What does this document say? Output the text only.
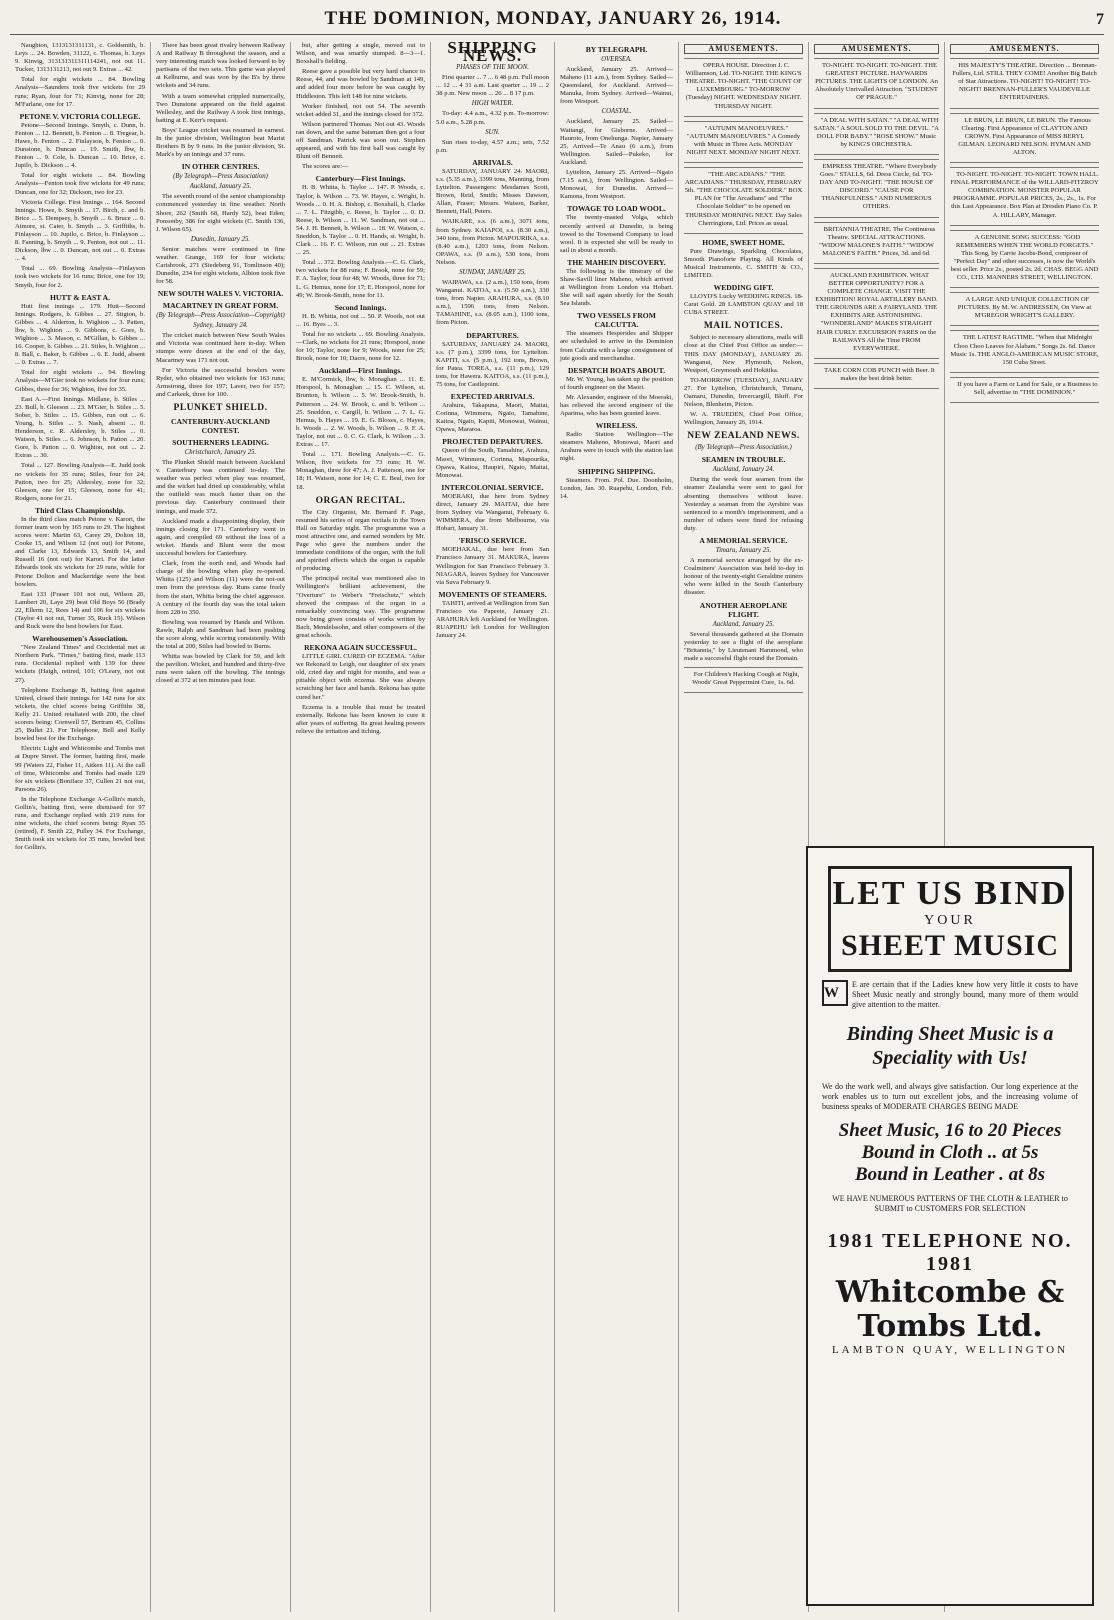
THE DOMINION, MONDAY, JANUARY 26, 1914.	7

Naughton, 1313131311131, c. Goldsmith, b. Leys ... 24. Bowden, 31122, c. Thomas, b. Leys 9. Kinvig, 313131311311114241, not out 11. Tucker, 1313131213, not out 9. Extras ... 42.

Total for eight wickets ... 84. Bowling Analysis—Saunders took five wickets for 29 runs; Ryan, four for 71; Kinvig, none for 28; M'Farlane, one for 17.

PETONE V. VICTORIA COLLEGE.

Petone—Second Innings. Smyth, c. Dunn, b. Fenton ... 12. Bennett, b. Fenton ... 8. Tregear, b. Hawe, b. Fenton ... 2. Finlayson, b. Fenton ... 0. Dunstone, b. Duncan ... 19. Smith, lbw, b. Fenton ... 9. Cole, b. Duncan ... 10. Brice, c. Jupilo, b. Dickson ... 4.

Total for eight wickets ... 84. Bowling Analysis—Fenton took five wickets for 49 runs; Duncan, one for 32; Dickson, two for 23.

Victoria College. First Innings ... 164. Second Innings. Howe, b. Smyth ... 17. Birch, c. and b. Brice ... 5. Dempsey, b. Smyth ... 6. Bruce ... 0. Atmore, st. Cater, b. Smyth ... 3. Griffiths, b. Finlayson ... 10. Jupilo, c. Brice, b. Finlayson ... 8. Fanning, b. Smyth ... 9. Fenton, not out ... 11. Dickson, lbw ... 0. Duncan, not out ... 0. Extras ... 4.

Total ... 69. Bowling Analysis—Finlayson took two wickets for 16 runs; Brice, one for 19; Smyth, four for 2.

HUTT & EAST A.

Hutt first innings ... 179. Hutt—Second Innings. Rodgers, b. Gibbes ... 27. Stigton, b. Gibbes ... 4. Alderton, b. Wighton ... 3. Patten, lbw, b. Wighton ... 9. Gibbons, c. Gore, b. Wighton ... 3. Mason, c. M'Gillan, b. Gibbes ... 16. Cooper, b. Gibbes ... 21. Stiles, b. Wighton ... 8. Ball, c. Baker, b. Gibbes ... 6. E. Judd, absent ... 0. Extras ... 7.

Total for eight wickets ... 94. Bowling Analysis—M'Gier took no wickets for four runs; Gibbes, three for 36; Wighton, five for 35.

East A.—First Innings. Midlane, b. Stiles ... 23. Bull, b. Gleeson ... 23. M'Gier, b. Stiles ... 5. Sober, b. Stiles ... 15. Gibbes, run out ... 6. Young, b. Stiles ... 5. Nash, absent ... 0. Henderson, c. R. Aldersley, b. Stiles ... 0. Watson, b. Stiles ... 6. Johnson, b. Patton ... 20. Gore, b. Patton ... 0. Wighton, not out ... 2. Extras ... 30.

Total ... 127. Bowling Analysis—E. Judd took no wickets for 35 runs; Stiles, four for 24; Patton, two for 25; Aldersley, none for 32; Gleeson, one for 15; Gleeson, none for 41; Rodgers, none for 21.

Third Class Championship.

In the third class match Petone v. Karori, the former team won by 165 runs to 29. The highest scores were: Martin 63, Carey 29, Dolton 18, Cooke 15, and Wilson 12 (not out) for Petone, and Clarke 13, Edwards 13, Smith 14, and Russell 16 (not out) for Karori. For the latter Edwards took six wickets for 29 runs, while for Petone Dolton and Mackeridge were the best bowlers.

East 133 (Fraser 101 not out, Wilson 20, Lambert 20, Laye 29) beat Old Boys 56 (Brady 22, Ellerm 12, Rees 14) and 106 for six wickets (Taylor 41 not out, Turner 35, Ruck 15). Wilson and Ruck were the best bowlers for East.

Warehousemen's Association.

"New Zealand Times" and Occidental met at Northern Park. "Times," batting first, made 113 runs. Occidental replied with 139 for three wickets (Haigh, retired, 101; O'Leary, not out 27).

Telephone Exchange B, batting first against United, closed their innings for 142 runs for six wickets, the chief scores being Griffiths 38, Kelly 21. United retaliated with 200, the chief scorers being: Cornwell 57, Bertram 45, Collins 25, Bullet 21. For Telephone, Bell and Kelly bowled best for the Exchange.

Electric Light and Whitcombe and Tombs met at Dupre Street. The former, batting first, made 99 (Waters 22, Fisher 11, Aitken 11). At the call of time, Whitcombe and Tombs had made 129 for six wickets (Boniface 37, Cullen 21 not out, Parsons 26).

In the Telephone Exchange A-Gollin's match, Gollin's, batting first, were dismissed for 97 runs, and Exchange replied with 219 runs for nine wickets, the chief scorers being: Ryan 35 (retired), F. Smith 22, Pulley 34. For Exchange, Smith took six wickets for 35 runs, bowled best for Gollin's.

There has been great rivalry between Railway A and Railway B throughout the season, and a very interesting match was looked forward to by partisans of the two sets. This game was played at Kelburne, and was won by the B's by three wickets and 34 runs.

With a team somewhat crippled numerically, Two Dunstone appeared on the field against Wellesley, and the Railway A took first innings, batting at E. Kerr's request.

Boys' League cricket was resumed in earnest. In the junior division, Wellington beat Marist Brothers B by 9 runs. In the junior division, St. Mark's by an innings and 37 runs.

IN OTHER CENTRES.
(By Telegraph—Press Association)
Auckland, January 25.

The seventh round of the senior championship commenced yesterday in fine weather. North Shore, 262 (Smith 68, Hardy 52), beat Eden; Ponsonby, 386 for eight wickets (C. Smith 136, J. Wilson 65).

Dunedin, January 25.

Senior matches were continued in fine weather. Grange, 169 for four wickets; Carisbrook, 271 (Siedeberg 91, Tomlinson 40); Dunedin, 234 for eight wickets, Albion took five for 58.

NEW SOUTH WALES V. VICTORIA.
MACARTNEY IN GREAT FORM.
(By Telegraph—Press Association—Copyright)
Sydney, January 24.

The cricket match between New South Wales and Victoria was continued here to-day. When stumps were drawn at the end of the day, Macartney was 171 not out.

For Victoria the successful bowlers were Ryder, who obtained two wickets for 163 runs; Armstrong, three for 197; Laver, two for 157; and Carkeek, three for 100.

PLUNKET SHIELD.
CANTERBURY-AUCKLAND CONTEST.
SOUTHERNERS LEADING.
Christchurch, January 25.

The Plunket Shield match between Auckland v. Canterbury was continued to-day. The weather was perfect when play was resumed, and the wicket had dried up considerably, whilst the outfield was much faster than on the previous day. Canterbury continued their innings, and made 372.

Auckland made a disappointing display, their innings closing for 171. Canterbury went in again, and compiled 69 without the loss of a wicket. Hands and Blunt were the most successful bowlers for Canterbury.

Clark, from the north end, and Woods had charge of the bowling when play re-opened. Whitta (125) and Wilson (11) were the not-out men from the previous day. Runs came freely from the start, Whitta being the chief aggressor. A century of the fourth day was the total taken from 228 to 350.

Bowling was resumed by Hands and Wilson. Rawle, Ralph and Sandman had been pushing the score along, while scoring consistently. With the total at 200, Stiles had bowled to Burns.

Whitta was bowled by Clark for 59, and left the pavilion. Wicket, and hundred and thirty-five runs were taken off the bowling. The innings closed at 372 at ten minutes past four.

but, after getting a single, moved out to Wilson, and was smartly stumped. 8—3—1. Boxshall's fielding.

Reese gave a possible but very hard chance to Reese, 44, and was bowled by Sandman at 149, and added four more before he was caught by Hiddleston. This left 148 for nine wickets.

Worker finished, not out 54. The seventh wicket added 31, and the innings closed for 372.

Wilson partnered Thomas. Not out 43. Woods ran down, and the same batsman then got a four off Sandman. Patrick was soon out. Stephen appeared, and with his first ball was caught by Blunt off Bennett.

The scores are:—

Canterbury—First Innings.

H. B. Whitta, b. Taylor ... 147. P. Woods, c. Taylor, b. Wilson ... 73. W. Hayes, c. Wright, b. Woods ... 0. H. A. Bishop, c. Boxshall, b. Clarke ... 7. L. Fitzgibb, c. Reese, b. Taylor ... 0. D. Reese, b. Wilson ... 11. W. Sandman, not out ... 54. J. H. Bennett, b. Wilson ... 18. W. Watson, c. Sneddon, b. Taylor ... 0. H. Hands, st. Wright, b. Clark ... 16. F. C. Wilson, run out ... 21. Extras ... 25.

Total ... 372. Bowling Analysis.—C. G. Clark, two wickets for 88 runs; F. Brook, none for 59; F. A. Taylor, four for 48; W. Woods, three for 71; L. G. Hemus, none for 17; E. Horspool, none for 49; W. Brook-Smith, none for 11.

Second Innings.

H. B. Whitta, not out ... 50. P. Woods, not out ... 16. Byes ... 3.

Total for no wickets ... 69. Bowling Analysis.—Clark, no wickets for 21 runs; Horspool, none for 10; Taylor, none for 9; Woods, none for 25; Brook, none for 10; Dacre, none for 12.

Auckland—First Innings.

E. M'Cormick, lbw, b. Monaghan ... 11. E. Horspool, b. Monaghan ... 15. C. Wilson, st. Brunton, b. Wilson ... 5. W. Brook-Smith, b. Patterson ... 24. W. Brook, c. and b. Wilson ... 25. Sneddon, c. Cargill, b. Wilson ... 7. L. G. Hemus, b. Hayes ... 19. E. G. Bloxes, c. Hayes, b. Woods ... 2. W. Woods, b. Wilson ... 9. F. A. Taylor, not out ... 0. C. G. Clark, b. Wilson ... 3. Extras ... 17.

Total ... 171. Bowling Analysis.—C. G. Wilson, five wickets for 73 runs; H. W. Monaghan, three for 47; A. J. Patterson, one for 18; H. Watson, none for 14; C. E. Beal, two for 18.

ORGAN RECITAL.

The City Organist, Mr. Bernard F. Page, resumed his series of organ recitals in the Town Hall on Saturday night. The programme was a most attractive one, and earned wonders by Mr. Page who gave the numbers under the immediate conditions of the organ, with the full and spirited effects which the organ is capable of producing.

The principal recital was mentioned also in Wellington's brilliant achievement, the "Overture" to Weber's "Freischutz," which showed the compass of the organ in a remarkably convincing way. The programme now being given consists of works written by Bach, Mendelssohn, and other composers of the great schools.

REKONA AGAIN SUCCESSFUL.

LITTLE GIRL CURED OF ECZEMA. "After we Rekona'd to Leigh, our daughter of six years old, cried day and night for months, and was a pitiable object with eczema. She was always scratching her face and hands. Rekona has quite cured her."

Eczema is a trouble that must be treated externally. Rekona has been known to cure it after years of suffering. Its great healing powers relieve the irritation and itching.

SHIPPING NEWS.
PHASES OF THE MOON.

First quarter ... 7 ... 6 48 p.m. Full moon ... 12 ... 4 31 a.m. Last quarter ... 19 ... 2 38 p.m. New moon ... 26 ... 8 17 p.m.

HIGH WATER.

To-day: 4.4 a.m., 4.32 p.m. To-morrow: 5.0 a.m., 5.28 p.m.

SUN.

Sun rises to-day, 4.57 a.m.; sets, 7.52 p.m.

ARRIVALS.

SATURDAY, JANUARY 24. MAORI, s.s. (5.35 a.m.), 3399 tons, Manning, from Lyttelton. Passengers: Mesdames Scott, Brown, Reid, Smith; Misses Dawson, Allan, Fraser; Messrs. Watson, Barker, Bennett, Hall, Peters.

WAIKARE, s.s. (6 a.m.), 3071 tons, from Sydney. KAIAPOI, s.s. (8.30 a.m.), 340 tons, from Picton. MAPOURIKA, s.s. (8.40 a.m.), 1203 tons, from Nelson. OPAWA, s.s. (9 a.m.), 530 tons, from Nelson.

SUNDAY, JANUARY 25.

WAIPAWA, s.s. (2 a.m.), 150 tons, from Wanganui. KATOA, s.s. (5.50 a.m.), 330 tons, from Napier. ARAHURA, s.s. (8.10 a.m.), 1596 tons, from Nelson. TAMAHINE, s.s. (8.05 a.m.), 1100 tons, from Picton.

DEPARTURES.

SATURDAY, JANUARY 24. MAORI, s.s. (7 p.m.), 3399 tons, for Lyttelton. KAPITI, s.s. (5 p.m.), 192 tons, Brown, for Patea. TOREA, s.s. (11 p.m.), 129 tons, for Hawera. KAITOA, s.s. (11 p.m.), 75 tons, for Castlepoint.

EXPECTED ARRIVALS.

Arahura, Takapuna, Maori, Maitai, Corinna, Wimmera, Ngaio, Tamahine, Kaitoa, Ngaio, Kapiti, Monowai, Wainui, Opawa, Mararoa.

PROJECTED DEPARTURES.

Queen of the South, Tamahine, Arahura, Maori, Wimmera, Corinna, Mapourika, Opawa, Kaitoa, Haupiri, Ngaio, Maitai, Monowai.

INTERCOLONIAL SERVICE.

MOERAKI, due here from Sydney direct, January 29. MAITAI, due here from Sydney via Wanganui, February 6. WIMMERA, due from Melbourne, via Hobart, January 31.

'FRISCO SERVICE.

MOEHAKAL, due here from San Francisco January 31. MAKURA, leaves Wellington for San Francisco February 3. NIAGARA, leaves Sydney for Vancouver via Suva February 9.

MOVEMENTS OF STEAMERS.

TAHITI, arrived at Wellington from San Francisco via Papeete, January 21. ARAHURA left Auckland for Wellington. RUAPEHU left London for Wellington January 24.

BY TELEGRAPH.
OVERSEA.

Auckland, January 25. Arrived—Maheno (11 a.m.), from Sydney. Sailed—Queensland, for Auckland. Arrived—Manuka, from Sydney. Arrived—Wainui, from Westport.

COASTAL.

Auckland, January 25. Sailed—Waitangi, for Gisborne. Arrived—Hauroto, from Onehunga. Napier, January 25. Arrived—Te Anau (6 a.m.), from Wellington. Sailed—Pukeko, for Auckland.

Lyttelton, January 25. Arrived—Ngaio (7.15 a.m.), from Wellington. Sailed—Monowai, for Dunedin. Arrived—Kamona, from Westport.

TOWAGE TO LOAD WOOL.

The twenty-masted Volga, which recently arrived at Dunedin, is being towed to the Townsend Company to load wool. It is expected she will be ready to sail in about a month.

THE MAHEIN DISCOVERY.

The following is the itinerary of the Shaw-Savill liner Maheno, which arrived at Wellington from London via Hobart. She will sail again shortly for the South Sea Islands.

TWO VESSELS FROM CALCUTTA.

The steamers Hesperides and Shipper are scheduled to arrive in the Dominion from Calcutta with a large consignment of jute goods and merchandise.

DESPATCH BOATS ABOUT.

Mr. W. Young, has taken up the position of fourth engineer on the Maori.

Mr. Alexander, engineer of the Moeraki, has relieved the second engineer of the Aparima, who has been granted leave.

WIRELESS.

Radio Station Wellington—The steamers Maheno, Monowai, Maori and Arahura were in touch with the station last night.

SHIPPING SHIPPING.

Steamers. From. Pol. Due. Doonholm, London, Jan. 30. Ruapehu, London, Feb. 14.

AMUSEMENTS.

OPERA HOUSE. Direction J. C. Williamson, Ltd. TO-NIGHT. THE KING'S THEATRE. TO-NIGHT. "THE COUNT OF LUXEMBOURG." TO-MORROW (Tuesday) NIGHT. WEDNESDAY NIGHT. THURSDAY NIGHT.

"AUTUMN MANOEUVRES." "AUTUMN MANOEUVRES." A Comedy with Music in Three Acts. MONDAY NIGHT NEXT. MONDAY NIGHT NEXT.

"THE ARCADIANS." "THE ARCADIANS." THURSDAY, FEBRUARY 5th. "THE CHOCOLATE SOLDIER." BOX PLAN for "The Arcadians" and "The Chocolate Soldier" to be opened on THURSDAY MORNING NEXT. Day Sales Cherringtons, Ltd. Prices as usual.

HOME, SWEET HOME.

Pure Drawings, Sparkling Chocolates, Smooth Pianoforte Playing. All Kinds of Musical Instruments. C. SMITH & CO., LIMITED.

WEDDING GIFT.

LLOYD'S Lucky WEDDING RINGS. 18-Carat Gold. 28 LAMBTON QUAY and 18 CUBA STREET.

MAIL NOTICES.

Subject to necessary alterations, mails will close at the Chief Post Office as under:— THIS DAY (MONDAY), JANUARY 26. Wanganui, New Plymouth, Nelson, Westport, Greymouth and Hokitika.

TO-MORROW (TUESDAY), JANUARY 27. For Lyttelton, Christchurch, Timaru, Oamaru, Dunedin, Invercargill, Bluff. For Nelson, Blenheim, Picton.

W. A. TRUEDEN, Chief Post Office, Wellington, January 26, 1914.

NEW ZEALAND NEWS.
(By Telegraph—Press Association.)
SEAMEN IN TROUBLE.
Auckland, January 24.

During the week four seamen from the steamer Zealandia were sent to gaol for absenting themselves without leave. Yesterday a seaman from the Ayrshire was sentenced to a month's imprisonment, and a number of others were fined for refusing duty.

A MEMORIAL SERVICE.
Timaru, January 25.

A memorial service arranged by the ex-Coalminers' Association was held to-day in honour of the twenty-eight Geraldine miners who were killed in the South Canterbury disaster.

ANOTHER AEROPLANE FLIGHT.
Auckland, January 25.

Several thousands gathered at the Domain yesterday to see a flight of the aeroplane "Britannia," by Lieutenant Hammond, who made a successful flight round the Domain.

For Children's Hacking Cough at Night, Woods' Great Peppermint Cure, 1s. 6d.

AMUSEMENTS.

TO-NIGHT. TO-NIGHT. TO-NIGHT. THE GREATEST PICTURE. HAYWARDS PICTURES. THE LIGHTS OF LONDON. An Absolutely Unrivalled Attraction. "STUDENT OF PRAGUE."

"A DEAL WITH SATAN." "A DEAL WITH SATAN." A SOUL SOLD TO THE DEVIL. "A DOLL FOR BABY." "ROSE SHOW." Music by KING'S ORCHESTRA.

EMPRESS THEATRE. "Where Everybody Goes." STALLS, 6d. Dress Circle, 6d. TO-DAY AND TO-NIGHT. "THE HOUSE OF DISCORD." "CAUSE FOR THANKFULNESS." AND NUMEROUS OTHERS.

BRITANNIA THEATRE. The Continuous Theatre. SPECIAL ATTRACTIONS. "WIDOW MALONE'S FAITH." "WIDOW MALONE'S FAITH." Prices, 3d. and 6d.

AUCKLAND EXHIBITION. WHAT BETTER OPPORTUNITY? FOR A COMPLETE CHANGE. VISIT THE EXHIBITION! ROYAL ARTILLERY BAND. THE GROUNDS ARE A FAIRYLAND. THE EXHIBITS ARE ASTONISHING. "WONDERLAND" MAKES STRAIGHT HAIR CURLY. EXCURSION FARES on the RAILWAYS All the Time FROM EVERYWHERE.

TAKE CORN COB PUNCH with Beer. It makes the best drink better.

AMUSEMENTS.

HIS MAJESTY'S THEATRE. Direction ... Brennan-Fullers, Ltd. STILL THEY COME! Another Big Batch of Star Attractions. TO-NIGHT! TO-NIGHT! TO-NIGHT! BRENNAN-FULLER'S VAUDEVILLE ENTERTAINERS.

LE BRUN, LE BRUN, LE BRUN. The Famous Clearing. First Appearance of CLAYTON AND CROWN. First Appearance of MISS BERYL GILMAN. LEONARD NELSON. HYMAN AND ALTON.

TO-NIGHT. TO-NIGHT. TO-NIGHT. TOWN HALL. FINAL PERFORMANCE of the WILLARD-FITZROY COMBINATION. MONSTER POPULAR PROGRAMME. POPULAR PRICES, 2s., 2s., 1s. For this Last Appearance. Box Plan at Dresden Piano Co. P. A. HILLARY, Manager.

A GENUINE SONG SUCCESS: "GOD REMEMBERS WHEN THE WORLD FORGETS." This Song, by Carrie Jacobs-Bond, composer of "Perfect Day" and other successes, is now the World's best seller. Price 2s., posted 2s. 2d. CHAS. BEGG AND CO., LTD. MANNERS STREET, WELLINGTON.

A LARGE AND UNIQUE COLLECTION OF PICTURES. By M. W. ANDRESSEN, On View at M'GREGOR WRIGHT'S GALLERY.

THE LATEST RAGTIME. "When that Midnight Choo Choo Leaves for Alabam." Songs 2s. 6d. Dance Music 1s. THE ANGLO-AMERICAN MUSIC STORE, 150 Cuba Street.

If you have a Farm or Land for Sale, or a Business to Sell, advertise in "THE DOMINION."

LET US BIND
YOUR
SHEET MUSIC
W
E are certain that if the Ladies knew how very little it costs to have Sheet Music neatly and strongly bound, many more of them would give attention to the matter.
Binding Sheet Music is a Speciality with Us!
We do the work well, and always give satisfaction. Our long experience at the work enables us to turn out excellent jobs, and the increasing volume of business speaks of MODERATE CHARGES BEING MADE
Sheet Music, 16 to 20 Pieces
Bound in Cloth .. at 5s
Bound in Leather . at 8s
WE HAVE NUMEROUS PATTERNS OF THE CLOTH & LEATHER to SUBMIT to CUSTOMERS FOR SELECTION
1981 TELEPHONE NO. 1981
Whitcombe & Tombs Ltd.
LAMBTON QUAY, WELLINGTON
